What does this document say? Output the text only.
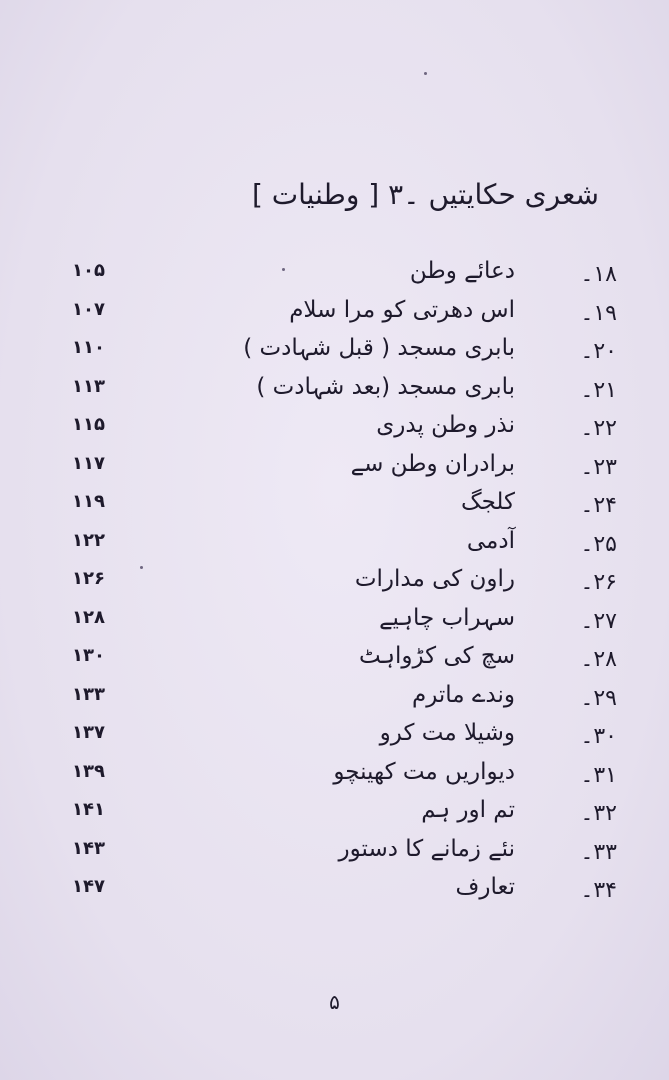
شعری حکایتیں ۔۳ [ وطنیات ]
۱۸۔
دعائے وطن
۱۰۵
۱۹۔
اس دھرتی کو مرا سلام
۱۰۷
۲۰۔
بابری مسجد ( قبل شہادت )
۱۱۰
۲۱۔
بابری مسجد (بعد شہادت )
۱۱۳
۲۲۔
نذر وطن پدری
۱۱۵
۲۳۔
برادران وطن سے
۱۱۷
۲۴۔
کلجگ
۱۱۹
۲۵۔
آدمی
۱۲۲
۲۶۔
راون کی مدارات
۱۲۶
۲۷۔
سہراب چاہیے
۱۲۸
۲۸۔
سچ کی کڑواہٹ
۱۳۰
۲۹۔
وندے ماترم
۱۳۳
۳۰۔
وشیلا مت کرو
۱۳۷
۳۱۔
دیواریں مت کھینچو
۱۳۹
۳۲۔
تم اور ہم
۱۴۱
۳۳۔
نئے زمانے کا دستور
۱۴۳
۳۴۔
تعارف
۱۴۷
۵
